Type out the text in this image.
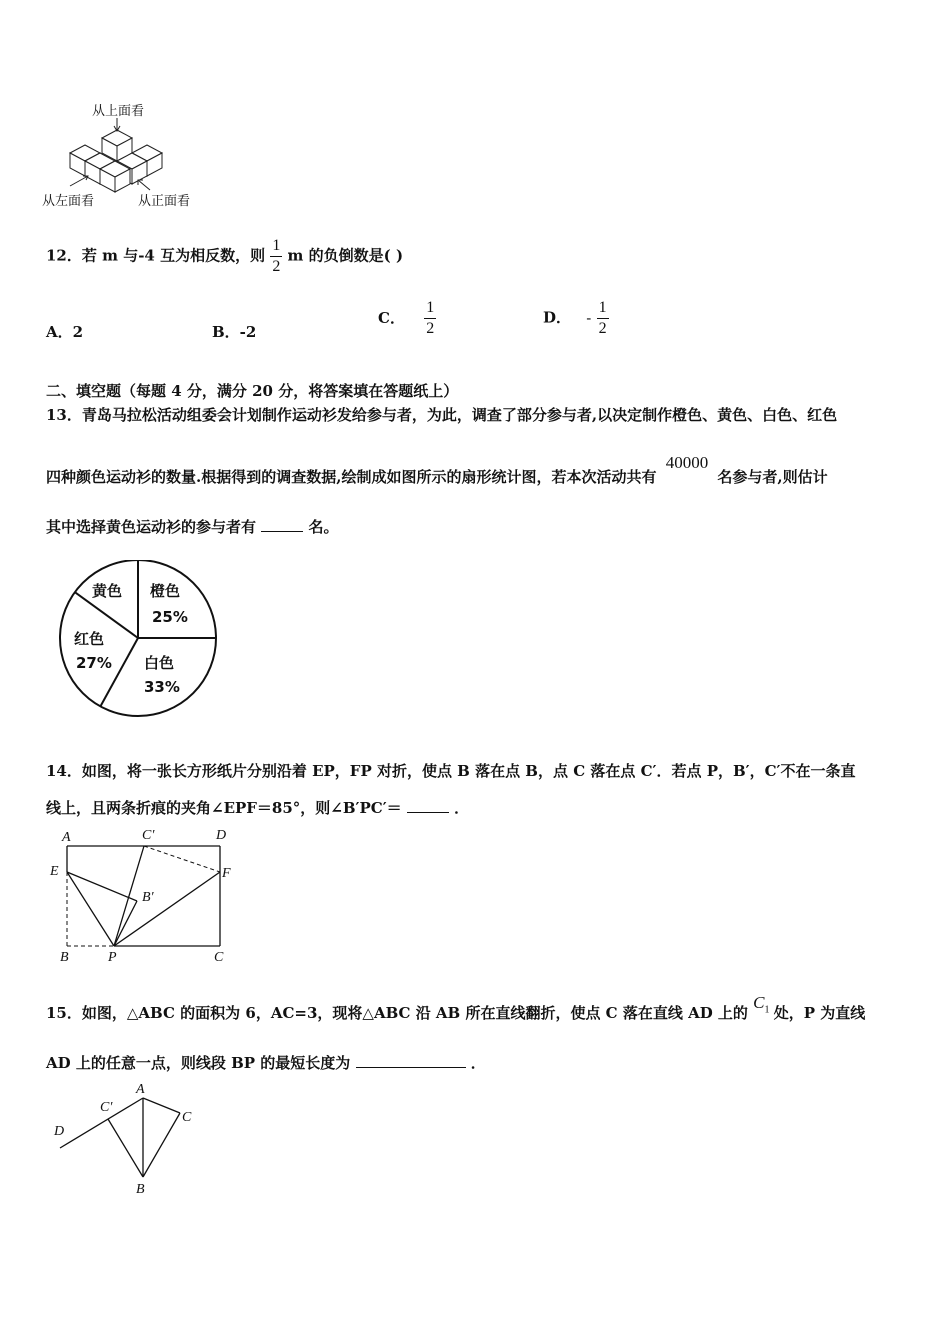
从上面看
从左面看	从正面看
12．若 m 与-4 互为相反数，则 $\frac{1}{2}$ m 的负倒数是( )
A．2	B．-2
C． $\frac{1}{2}$	D． - $\frac{1}{2}$
二、填空题（每题 4 分，满分 20 分，将答案填在答题纸上）
13．青岛马拉松活动组委会计划制作运动衫发给参与者，为此，调查了部分参与者,以决定制作橙色、黄色、白色、红色
四种颜色运动衫的数量.根据得到的调查数据,绘制成如图所示的扇形统计图，若本次活动共有 40000 名参与者,则估计
其中选择黄色运动衫的参与者有	名。
黄色 橙色
25%
红色
27% 白色
33%
14．如图，将一张长方形纸片分别沿着 EP，FP 对折，使点 B 落在点 B，点 C 落在点 C′．若点 P，B′，C′不在一条直
线上，且两条折痕的夹角∠EPF＝85°，则∠B′PC′＝	．
A	C′	D
E	F
B′
B	P	C
15．如图，△ABC 的面积为 6，AC=3，现将△ABC 沿 AB 所在直线翻折，使点 C 落在直线 AD 上的 $C_1$ 处，P 为直线
AD 上的任意一点，则线段 BP 的最短长度为	．
D
C′
A
C
B
